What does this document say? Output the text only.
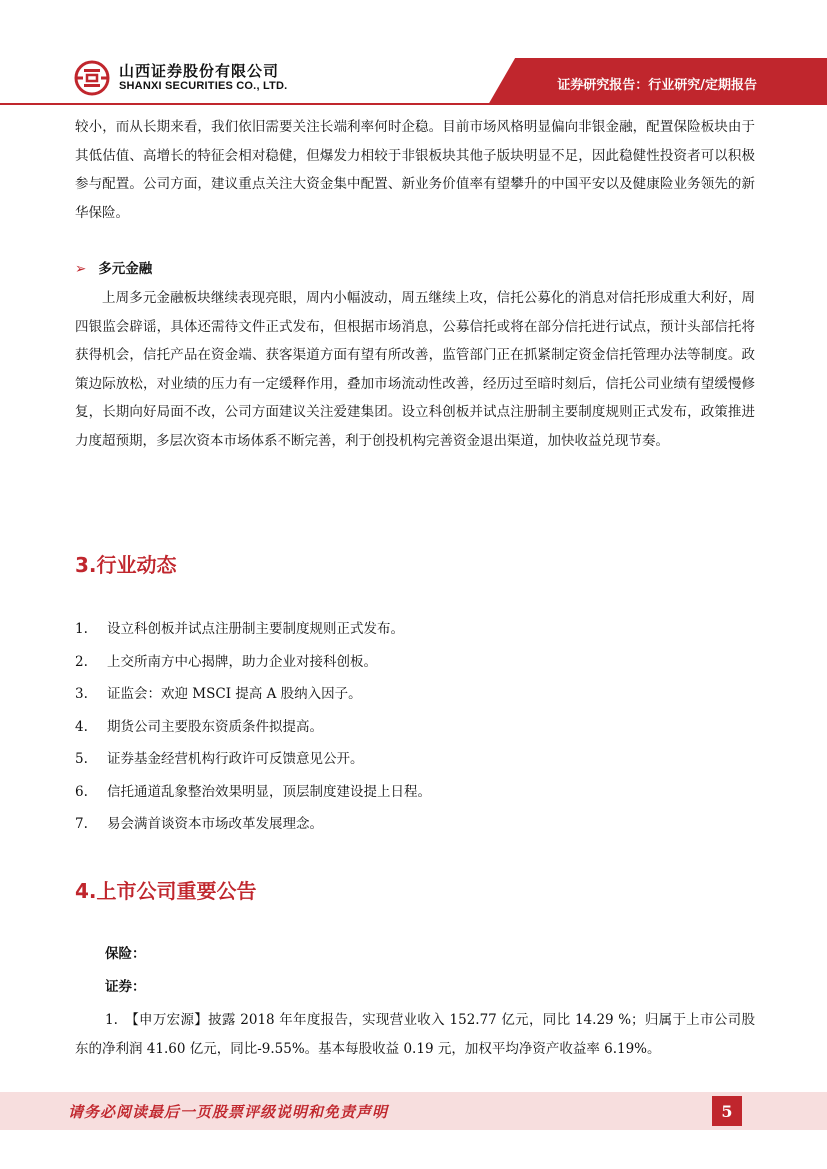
山西证券股份有限公司
SHANXI SECURITIES CO., LTD.	证券研究报告：行业研究/定期报告

较小，而从长期来看，我们依旧需要关注长端利率何时企稳。目前市场风格明显偏向非银金融，配置保险板块由于其低估值、高增长的特征会相对稳健，但爆发力相较于非银板块其他子版块明显不足，因此稳健性投资者可以积极参与配置。公司方面，建议重点关注大资金集中配置、新业务价值率有望攀升的中国平安以及健康险业务领先的新华保险。

➢ 多元金融

上周多元金融板块继续表现亮眼，周内小幅波动，周五继续上攻，信托公募化的消息对信托形成重大利好，周四银监会辟谣，具体还需待文件正式发布，但根据市场消息，公募信托或将在部分信托进行试点，预计头部信托将获得机会，信托产品在资金端、获客渠道方面有望有所改善，监管部门正在抓紧制定资金信托管理办法等制度。政策边际放松，对业绩的压力有一定缓释作用，叠加市场流动性改善，经历过至暗时刻后，信托公司业绩有望缓慢修复，长期向好局面不改，公司方面建议关注爱建集团。设立科创板并试点注册制主要制度规则正式发布，政策推进力度超预期，多层次资本市场体系不断完善，利于创投机构完善资金退出渠道，加快收益兑现节奏。

3.行业动态
1.	设立科创板并试点注册制主要制度规则正式发布。
2.	上交所南方中心揭牌，助力企业对接科创板。
3.	证监会：欢迎 MSCI 提高 A 股纳入因子。
4.	期货公司主要股东资质条件拟提高。
5.	证券基金经营机构行政许可反馈意见公开。
6.	信托通道乱象整治效果明显，顶层制度建设提上日程。
7.	易会满首谈资本市场改革发展理念。
4.上市公司重要公告
保险：
证券：

1.　【申万宏源】披露 2018 年年度报告，实现营业收入 152.77 亿元，同比 14.29 %；归属于上市公司股东的净利润 41.60 亿元，同比-9.55%。基本每股收益 0.19 元，加权平均净资产收益率 6.19%。

请务必阅读最后一页股票评级说明和免责声明	5
